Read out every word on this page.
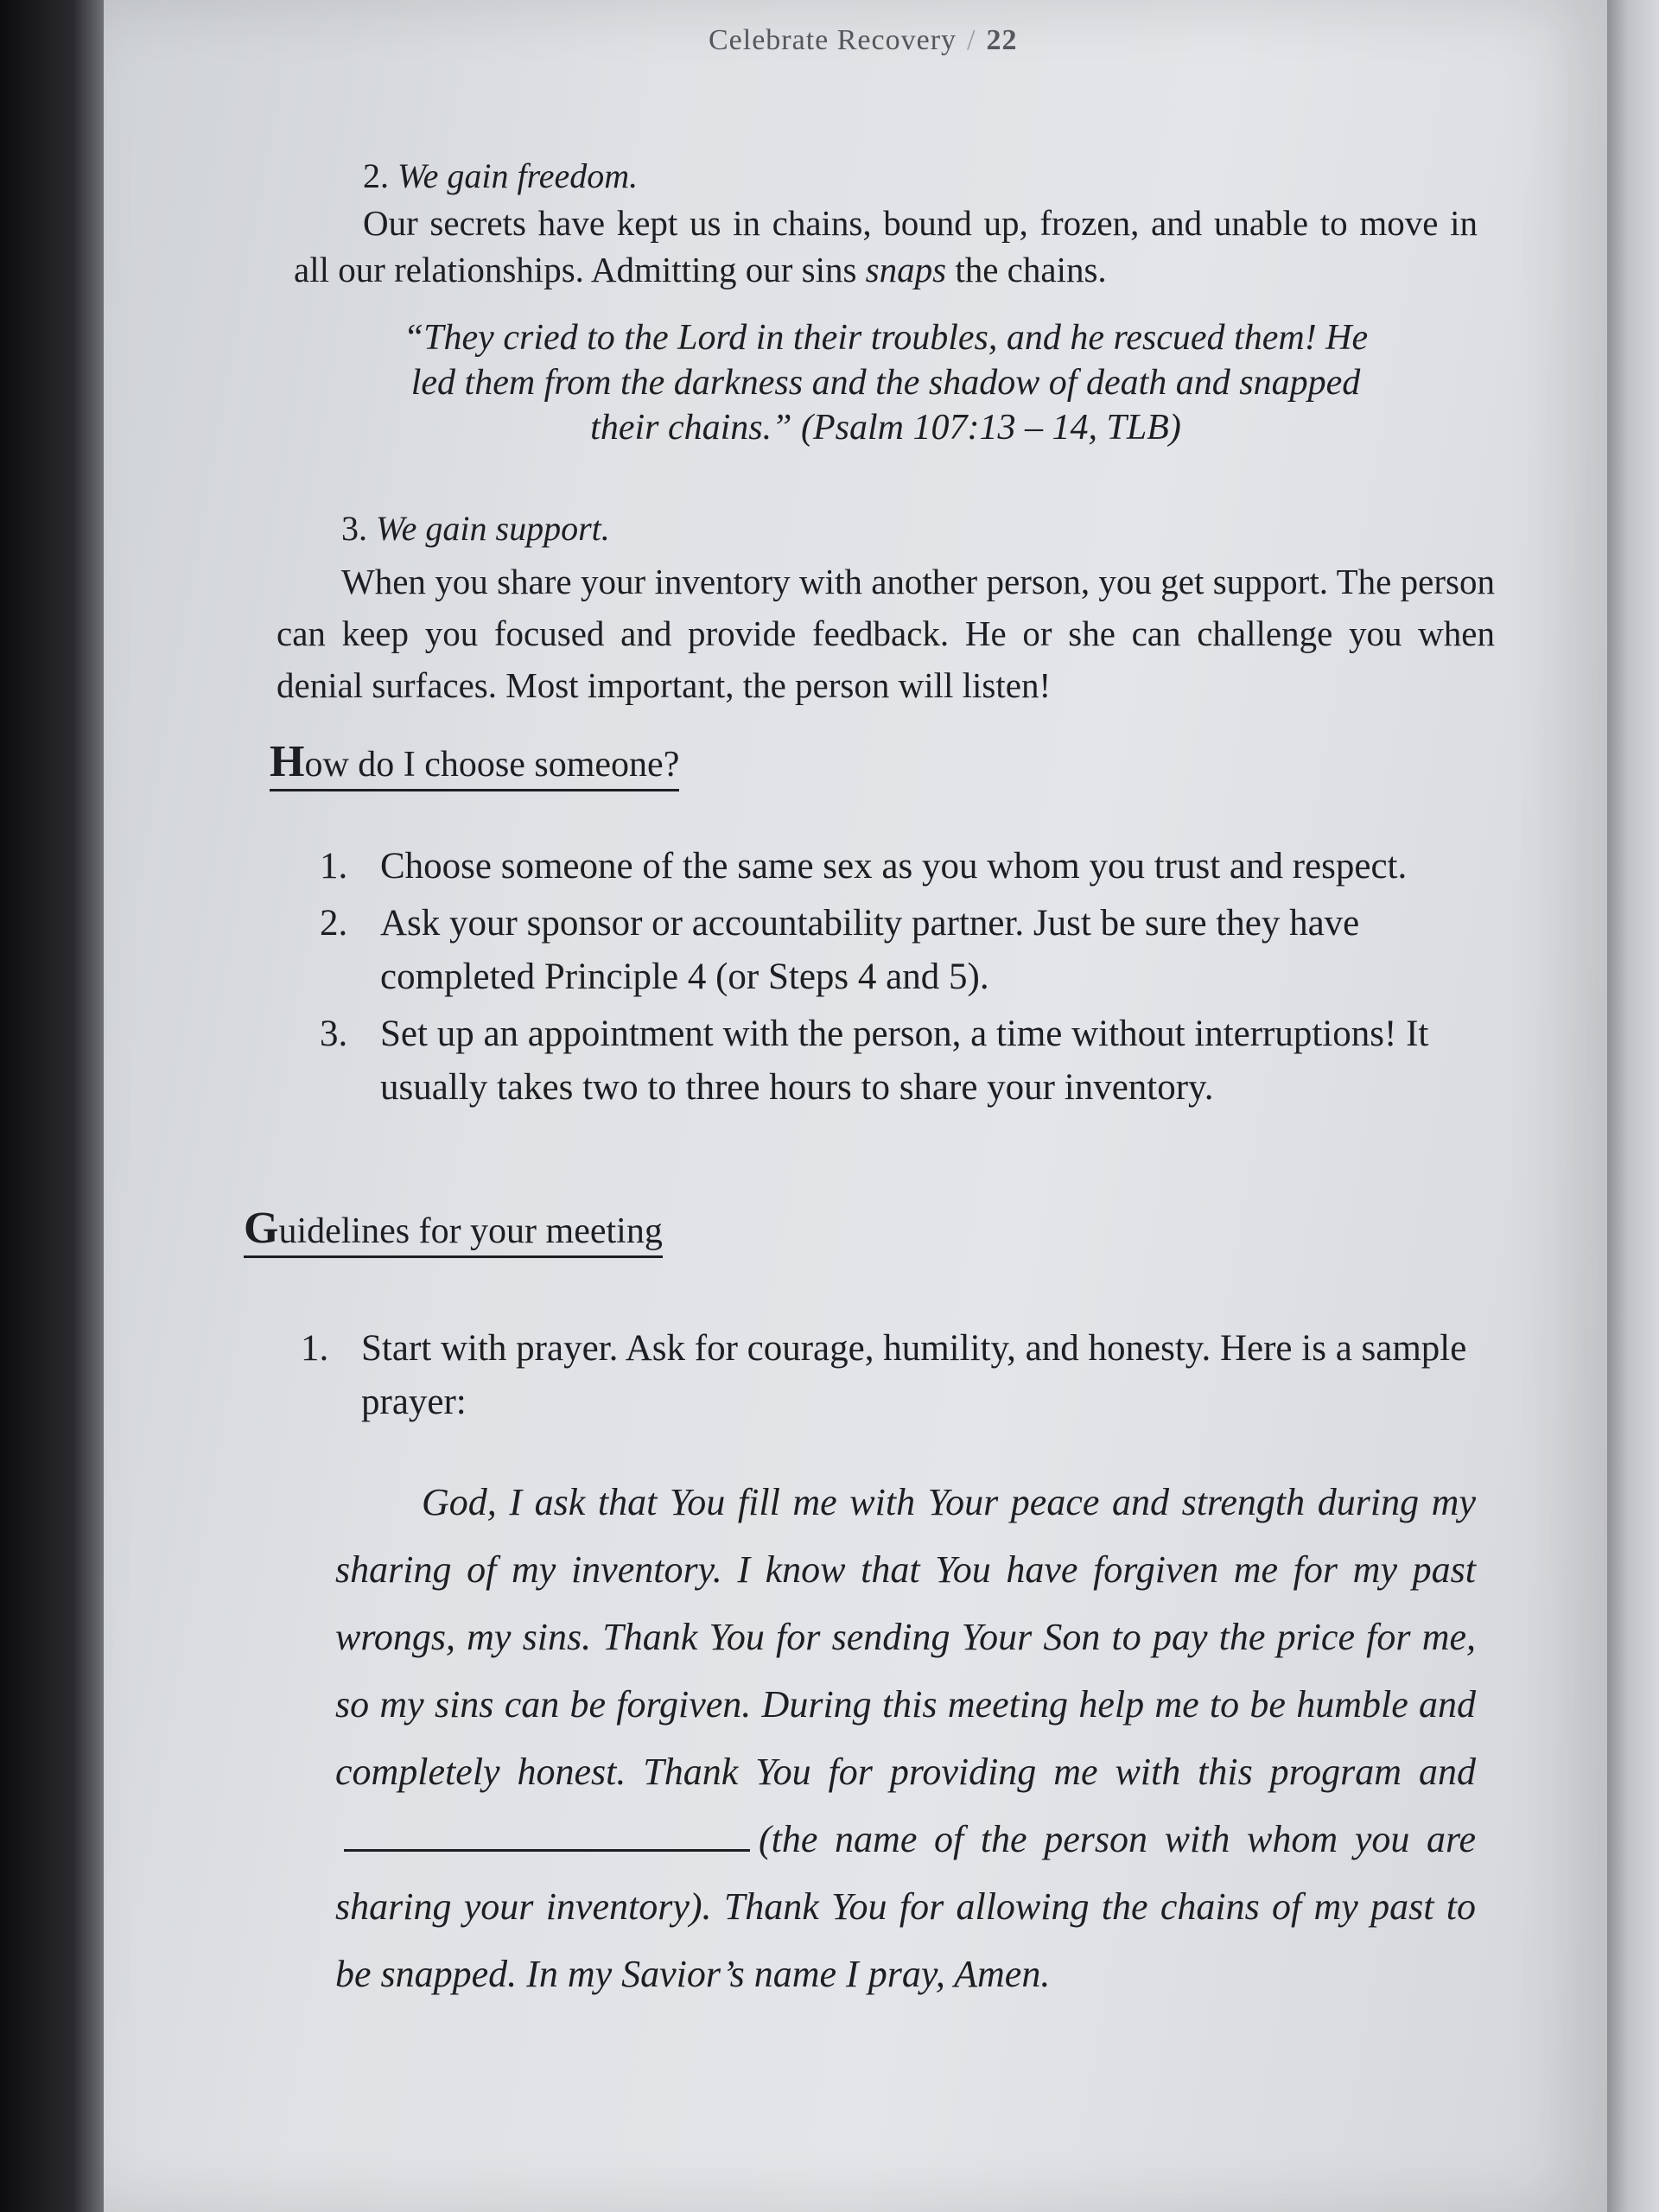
Celebrate Recovery / 22
2. We gain freedom.
Our secrets have kept us in chains, bound up, frozen, and unable to move in all our relationships. Admitting our sins snaps the chains.
“They cried to the Lord in their troubles, and he rescued them! He led them from the darkness and the shadow of death and snapped their chains.” (Psalm 107:13 – 14, TLB)
3. We gain support.
When you share your inventory with another person, you get support. The person can keep you focused and provide feedback. He or she can challenge you when denial surfaces. Most important, the person will listen!
How do I choose someone?
1. Choose someone of the same sex as you whom you trust and respect.
2. Ask your sponsor or accountability partner. Just be sure they have completed Principle 4 (or Steps 4 and 5).
3. Set up an appointment with the person, a time without interruptions! It usually takes two to three hours to share your inventory.
Guidelines for your meeting
1. Start with prayer. Ask for courage, humility, and honesty. Here is a sample prayer:
God, I ask that You fill me with Your peace and strength during my sharing of my inventory. I know that You have forgiven me for my past wrongs, my sins. Thank You for sending Your Son to pay the price for me, so my sins can be forgiven. During this meeting help me to be humble and completely honest. Thank You for providing me with this program and(the name of the person with whom you are sharing your inventory). Thank You for allowing the chains of my past to be snapped. In my Savior’s name I pray, Amen.
